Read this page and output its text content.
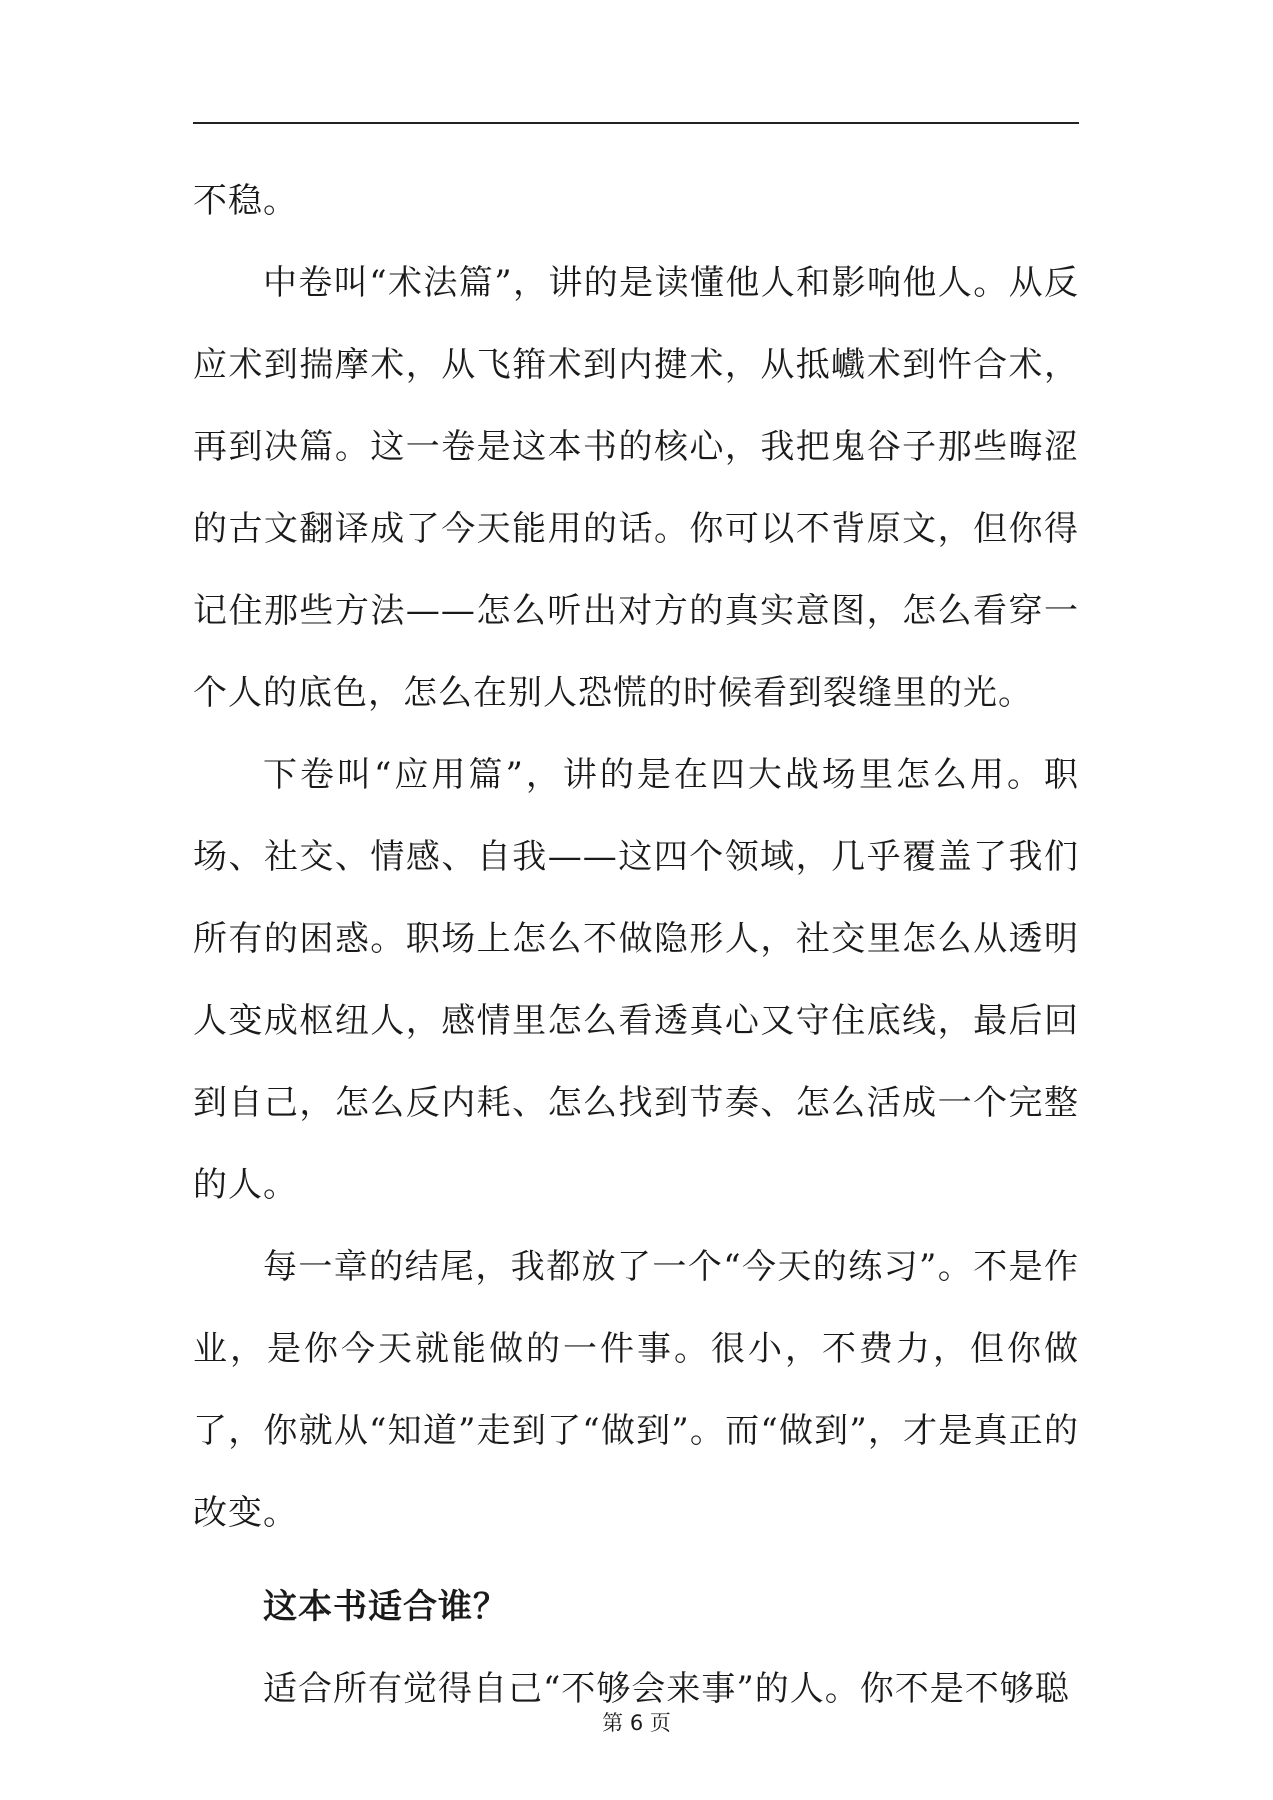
不稳。

中卷叫“术法篇”，讲的是读懂他人和影响他人。从反应术到揣摩术，从飞箝术到内揵术，从抵巇术到忤合术，再到决篇。这一卷是这本书的核心，我把鬼谷子那些晦涩的古文翻译成了今天能用的话。你可以不背原文，但你得记住那些方法——怎么听出对方的真实意图，怎么看穿一个人的底色，怎么在别人恐慌的时候看到裂缝里的光。

下卷叫“应用篇”，讲的是在四大战场里怎么用。职场、社交、情感、自我——这四个领域，几乎覆盖了我们所有的困惑。职场上怎么不做隐形人，社交里怎么从透明人变成枢纽人，感情里怎么看透真心又守住底线，最后回到自己，怎么反内耗、怎么找到节奏、怎么活成一个完整的人。

每一章的结尾，我都放了一个“今天的练习”。不是作业，是你今天就能做的一件事。很小，不费力，但你做了，你就从“知道”走到了“做到”。而“做到”，才是真正的改变。

这本书适合谁？

适合所有觉得自己“不够会来事”的人。你不是不够聪

第 6 页
